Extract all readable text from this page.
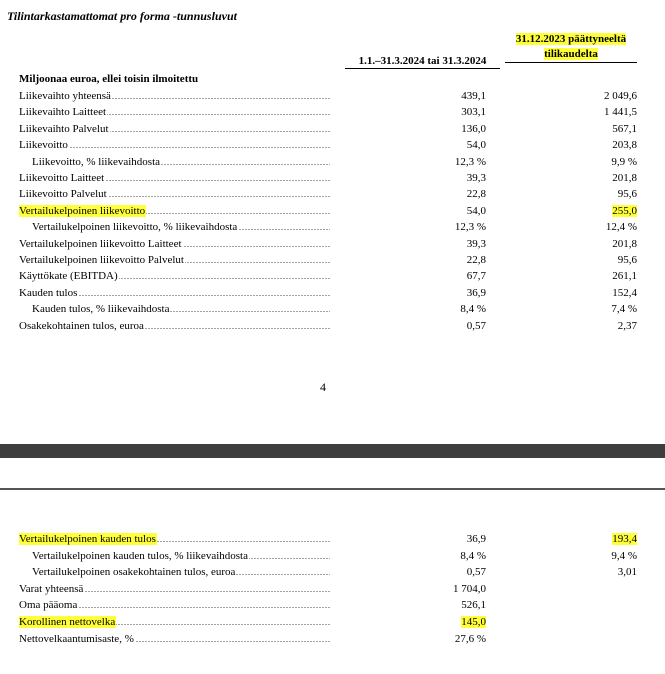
Tilintarkastamattomat pro forma -tunnusluvut
1.1.–31.3.2024 tai 31.3.2024
31.12.2023 päättyneeltä
tilikaudelta
Miljoonaa euroa, ellei toisin ilmoitettu
Liikevaihto yhteensä .....	439,1	2 049,6
Liikevaihto Laitteet .....	303,1	1 441,5
Liikevaihto Palvelut .....	136,0	567,1
Liikevoitto .....	54,0	203,8
Liikevoitto, % liikevaihdosta .....	12,3 %	9,9 %
Liikevoitto Laitteet .....	39,3	201,8
Liikevoitto Palvelut .....	22,8	95,6
Vertailukelpoinen liikevoitto .....	54,0	255,0
Vertailukelpoinen liikevoitto, % liikevaihdosta .....	12,3 %	12,4 %
Vertailukelpoinen liikevoitto Laitteet .....	39,3	201,8
Vertailukelpoinen liikevoitto Palvelut .....	22,8	95,6
Käyttökate (EBITDA) .....	67,7	261,1
Kauden tulos .....	36,9	152,4
Kauden tulos, % liikevaihdosta .....	8,4 %	7,4 %
Osakekohtainen tulos, euroa .....	0,57	2,37
4
Vertailukelpoinen kauden tulos .....	36,9	193,4
Vertailukelpoinen kauden tulos, % liikevaihdosta .....	8,4 %	9,4 %
Vertailukelpoinen osakekohtainen tulos, euroa .....	0,57	3,01
Varat yhteensä .....	1 704,0
Oma pääoma .....	526,1
Korollinen nettovelka .....	145,0
Nettovelkaantumisaste, % .....	27,6 %
